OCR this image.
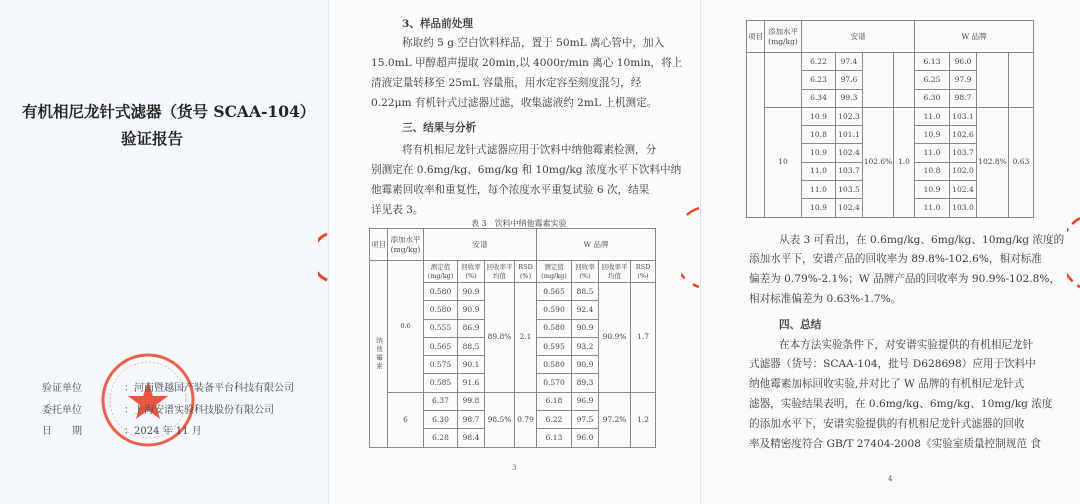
有机相尼龙针式滤器（货号 SCAA-104）
验证报告
验证单位	：河南暨越国产装备平台科技有限公司
委托单位	：上海安谱实验科技股份有限公司
日　　期	：2024 年 11 月
3、样品前处理
称取约 5 g 空白饮料样品，置于 50mL 离心管中，加入
15.0mL 甲醇超声提取 20min,以 4000r/min 离心 10min，将上
清液定量转移至 25mL 容量瓶，用水定容至刻度混匀，经
0.22μm 有机针式过滤器过滤，收集滤液约 2mL 上机测定。
三、结果与分析
将有机相尼龙针式滤器应用于饮料中纳他霉素检测，分
别测定在 0.6mg/kg、6mg/kg 和 10mg/kg 浓度水平下饮料中纳
他霉素回收率和重复性，每个浓度水平重复试验 6 次，结果
详见表 3。
表 3　饮料中纳他霉素实验
项目	添加水平
(mg/kg)	安谱				W 品牌			
纳他霉素	0.6	测定值 (mg/kg)	回收率(%)	回收率平均值	RSD (%)	测定值 (mg/kg)	回收率(%)	回收率平均值	RSD (%)
		0.580	90.9	89.8%	2.1	0.565	88.5	90.9%	1.7
		0.580	90.9			0.590	92.4		
		0.555	86.9			0.580	90.9		
		0.565	88.5			0.595	93.2		
		0.575	90.1			0.580	90.9		
		0.585	91.6			0.570	89.3		
	6	6.37	99.8	98.5%	0.79	6.18	96.9	97.2%	1.2
		6.30	98.7			6.22	97.5		
		6.28	98.4			6.13	96.0		
3
项目	添加水平
(mg/kg)	安谱				W 品牌			
		6.22	97.4			6.13	96.0		
		6.23	97.6			6.25	97.9		
		6.34	99.3			6.30	98.7		
	10	10.9	102.3	102.6%	1.0	11.0	103.1	102.8%	0.63
		10.8	101.1			10.9	102.6		
		10.9	102.4			11.0	103.7		
		11.0	103.7			10.8	102.0		
		11.0	103.5			10.9	102.4		
		10.9	102.4			11.0	103.0		
从表 3 可看出，在 0.6mg/kg、6mg/kg、10mg/kg 浓度的
添加水平下，安谱产品的回收率为 89.8%-102.6%，相对标准
偏差为 0.79%-2.1%；W 品牌产品的回收率为 90.9%-102.8%，
相对标准偏差为 0.63%-1.7%。
四、总结
在本方法实验条件下，对安谱实验提供的有机相尼龙针
式滤器（货号：SCAA-104，批号 D628698）应用于饮料中
纳他霉素加标回收实验,并对比了 W 品牌的有机相尼龙针式
滤器，实验结果表明，在 0.6mg/kg、6mg/kg、10mg/kg 浓度
的添加水平下，安谱实验提供的有机相尼龙针式滤器的回收
率及精密度符合 GB/T 27404-2008《实验室质量控制规范 食
4
